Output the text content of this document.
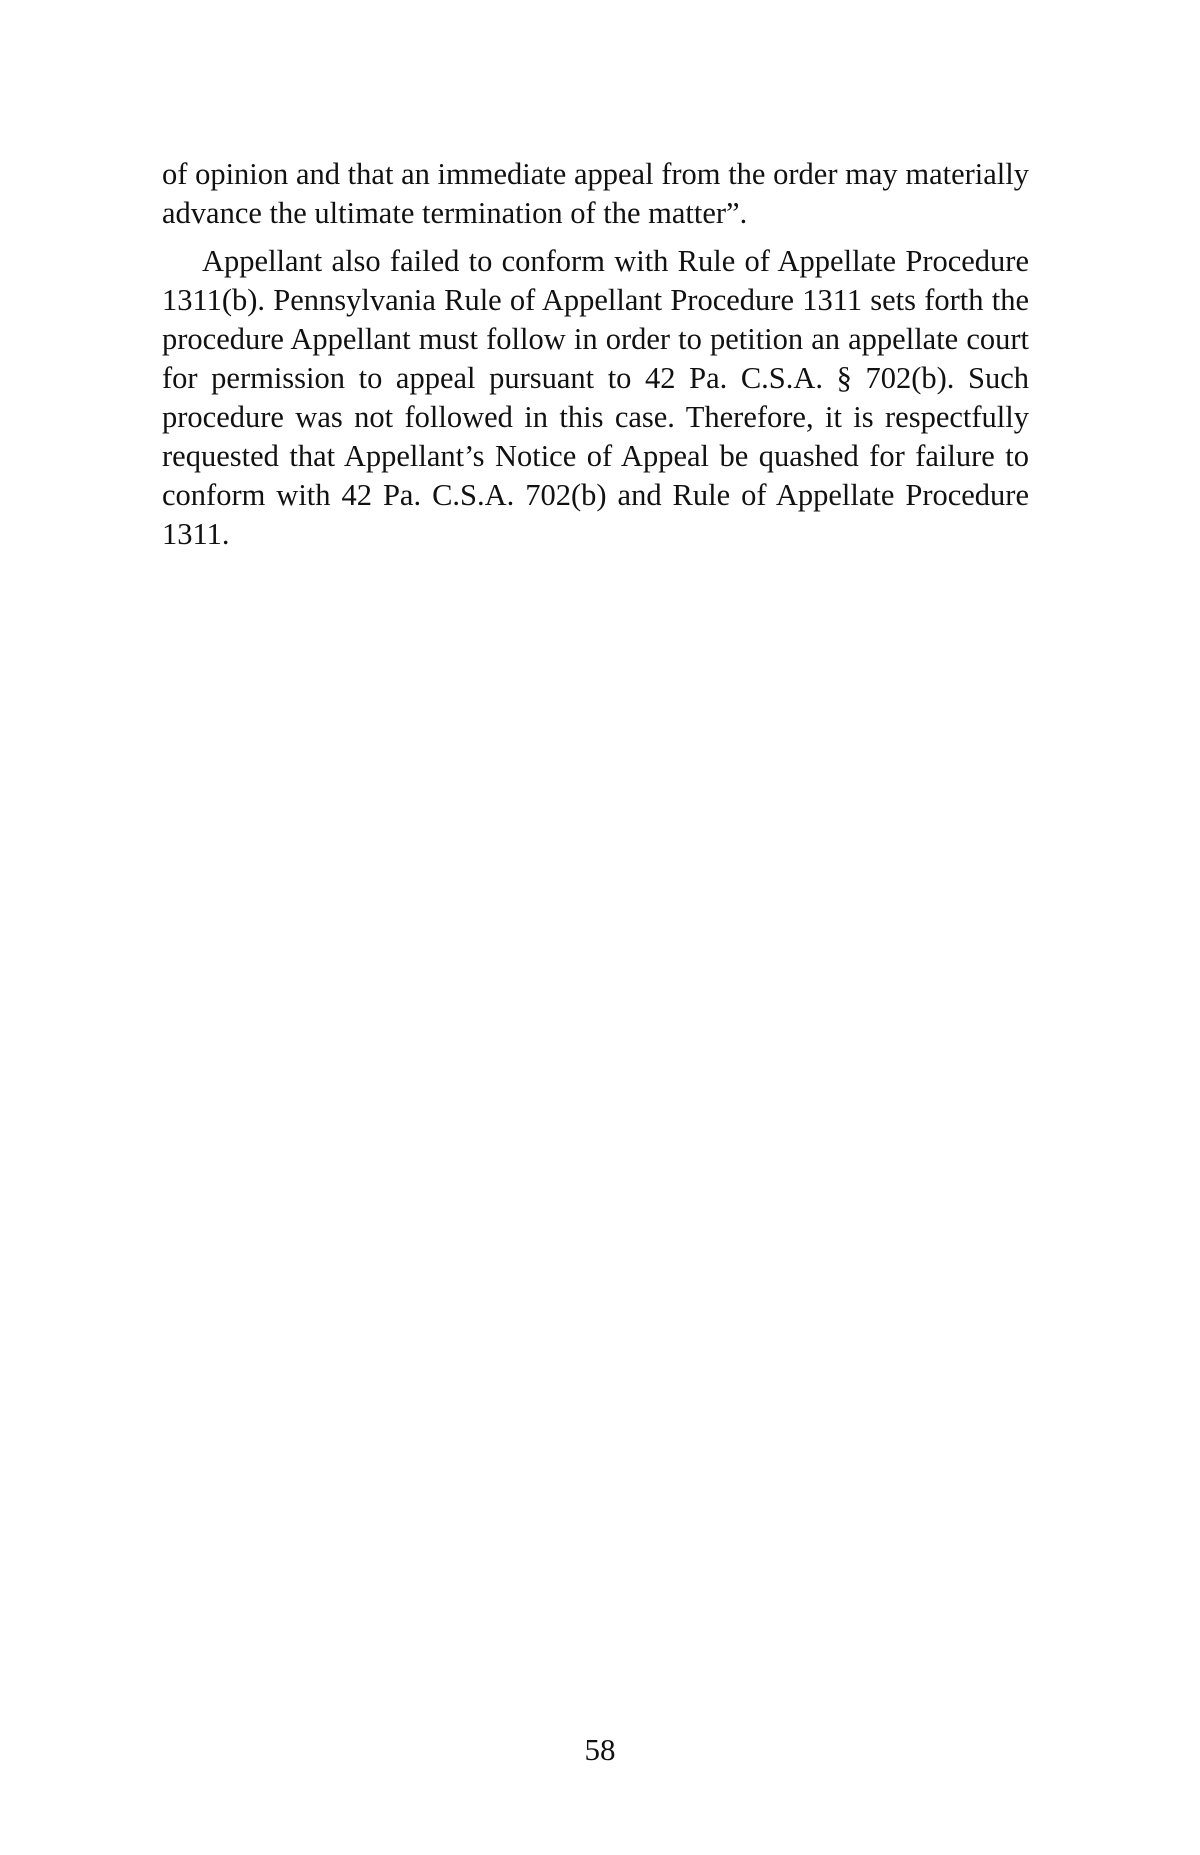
of opinion and that an immediate appeal from the order may materially advance the ultimate termination of the matter”.

Appellant also failed to conform with Rule of Appellate Procedure 1311(b). Pennsylvania Rule of Appellant Procedure 1311 sets forth the procedure Appellant must follow in order to petition an appellate court for permission to appeal pursuant to 42 Pa. C.S.A. § 702(b). Such procedure was not followed in this case. Therefore, it is respectfully requested that Appellant’s Notice of Appeal be quashed for failure to conform with 42 Pa. C.S.A. 702(b) and Rule of Appellate Procedure 1311.

58
